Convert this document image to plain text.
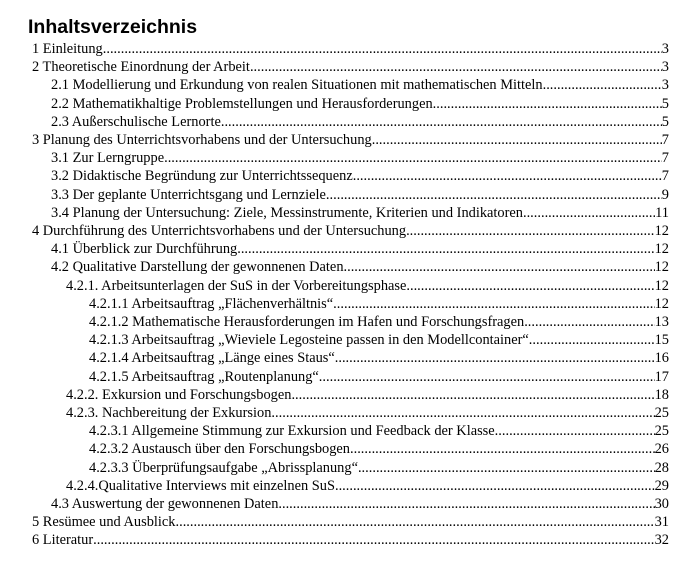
Inhaltsverzeichnis
1 Einleitung .....	3
2 Theoretische Einordnung der Arbeit .....	3
2.1 Modellierung und Erkundung von realen Situationen mit mathematischen Mitteln .....	3
2.2 Mathematikhaltige Problemstellungen und Herausforderungen .....	5
2.3 Außerschulische Lernorte .....	5
3 Planung des Unterrichtsvorhabens und der Untersuchung .....	7
3.1 Zur Lerngruppe .....	7
3.2 Didaktische Begründung zur Unterrichtssequenz .....	7
3.3 Der geplante Unterrichtsgang und Lernziele .....	9
3.4 Planung der Untersuchung: Ziele, Messinstrumente, Kriterien und Indikatoren .....	11
4 Durchführung des Unterrichtsvorhabens und der Untersuchung .....	12
4.1 Überblick zur Durchführung .....	12
4.2 Qualitative Darstellung der gewonnenen Daten .....	12
4.2.1. Arbeitsunterlagen der SuS in der Vorbereitungsphase .....	12
4.2.1.1 Arbeitsauftrag „Flächenverhältnis“ .....	12
4.2.1.2 Mathematische Herausforderungen im Hafen und Forschungsfragen .....	13
4.2.1.3 Arbeitsauftrag „Wieviele Legosteine passen in den Modellcontainer“ .....	15
4.2.1.4 Arbeitsauftrag „Länge eines Staus“ .....	16
4.2.1.5 Arbeitsauftrag „Routenplanung“ .....	17
4.2.2. Exkursion und Forschungsbogen .....	18
4.2.3. Nachbereitung der Exkursion .....	25
4.2.3.1 Allgemeine Stimmung zur Exkursion und Feedback der Klasse .....	25
4.2.3.2 Austausch über den Forschungsbogen .....	26
4.2.3.3 Überprüfungsaufgabe „Abrissplanung“ .....	28
4.2.4.Qualitative Interviews mit einzelnen SuS .....	29
4.3 Auswertung der gewonnenen Daten .....	30
5 Resümee und Ausblick .....	31
6 Literatur .....	32
